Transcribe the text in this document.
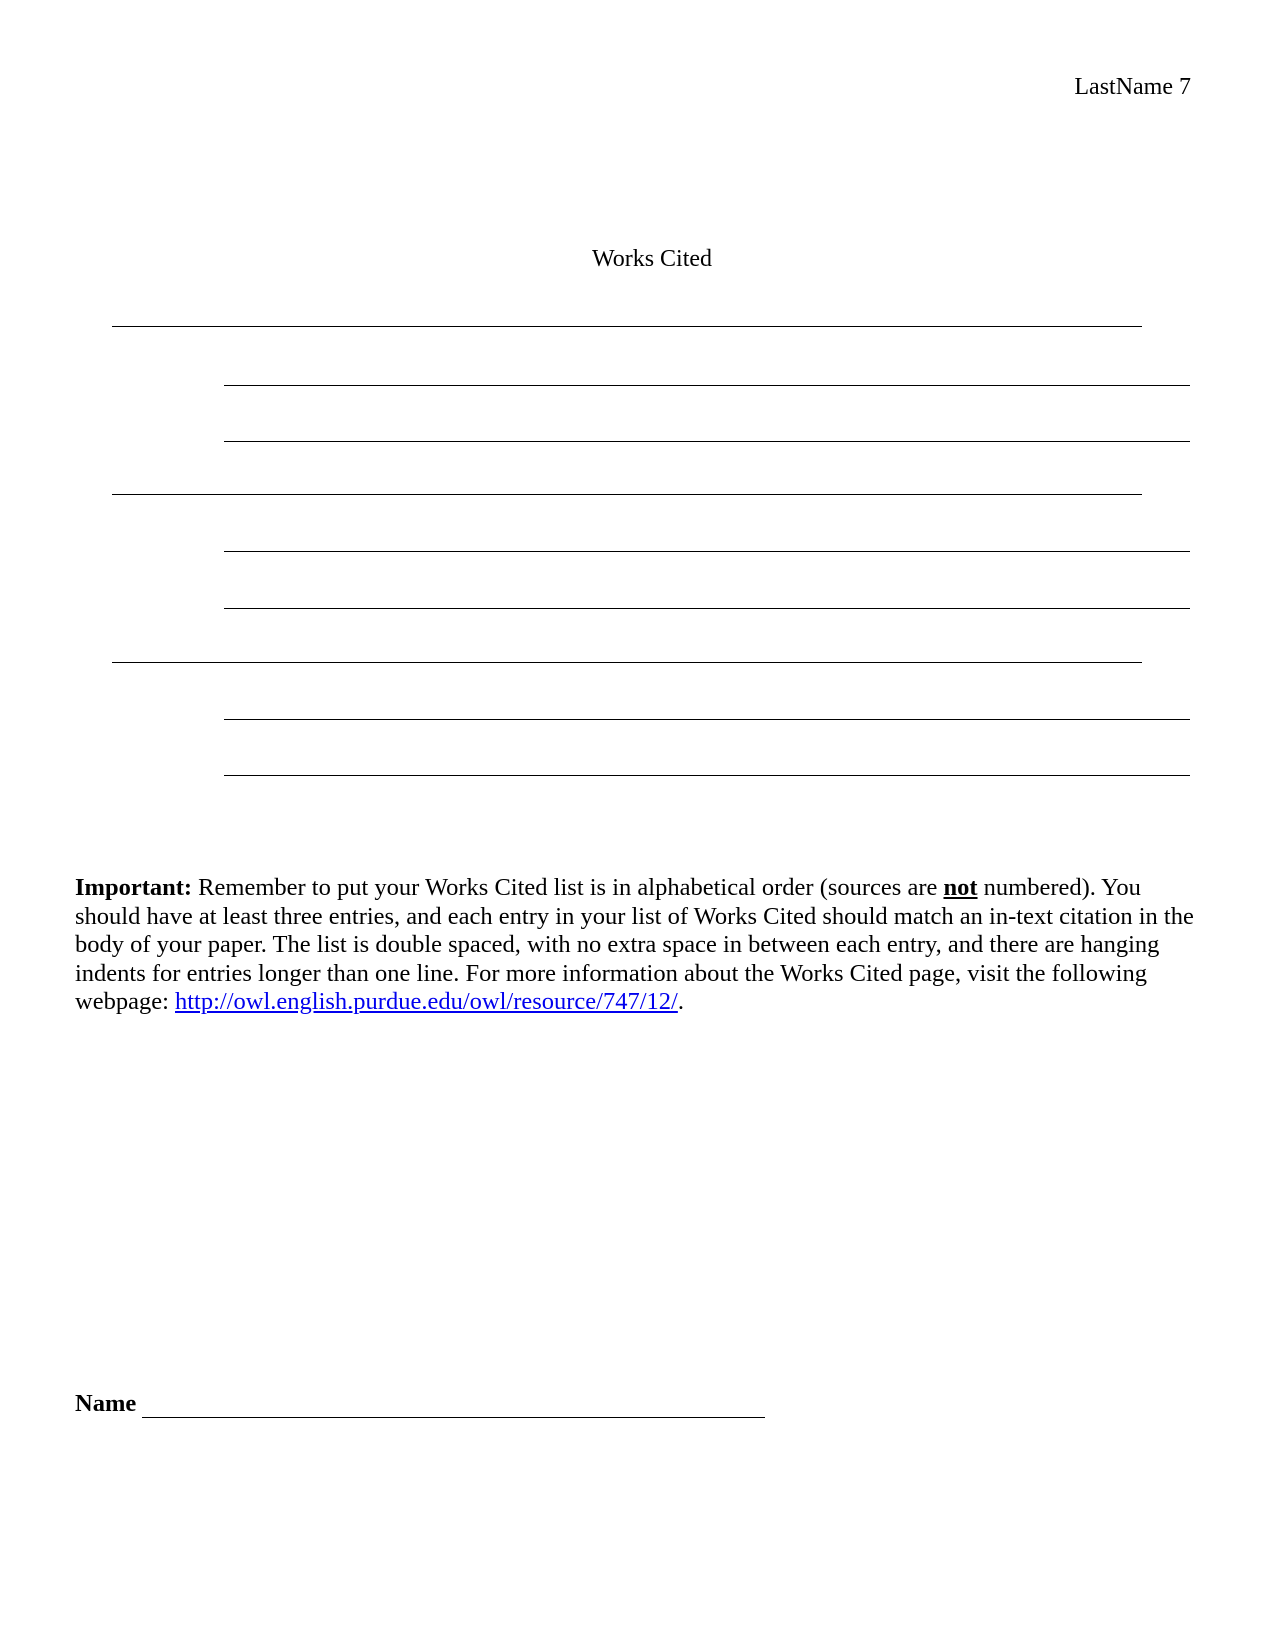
LastName 7
Works Cited
Important: Remember to put your Works Cited list is in alphabetical order (sources are not numbered). You should have at least three entries, and each entry in your list of Works Cited should match an in-text citation in the body of your paper. The list is double spaced, with no extra space in between each entry, and there are hanging indents for entries longer than one line. For more information about the Works Cited page, visit the following webpage: http://owl.english.purdue.edu/owl/resource/747/12/.
Name
